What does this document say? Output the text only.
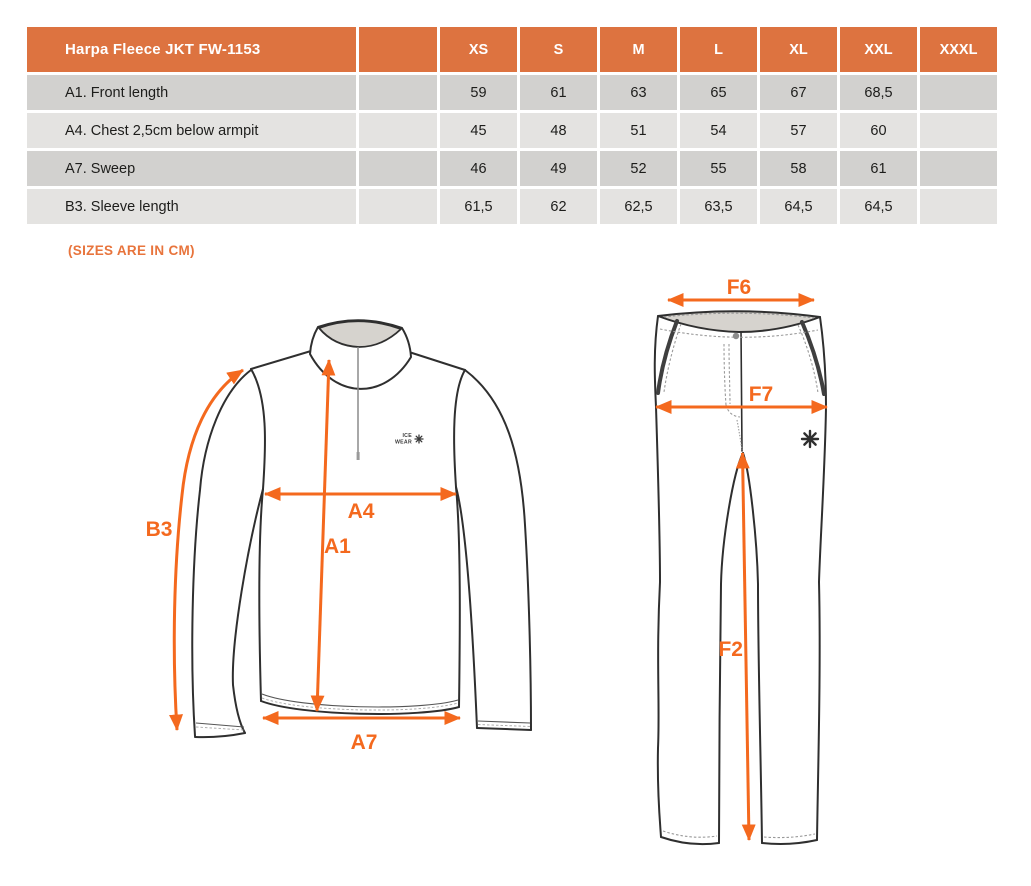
Harpa Fleece JKT FW-1153		XS	S	M	L	XL	XXL	XXXL
A1. Front length		59	61	63	65	67	68,5	
A4. Chest 2,5cm below armpit		45	48	51	54	57	60	
A7. Sweep		46	49	52	55	58	61	
B3. Sleeve length		61,5	62	62,5	63,5	64,5	64,5	
(SIZES ARE IN CM)
ICE
WEAR
B3
A4
A1
A7
F6
F7
F2
